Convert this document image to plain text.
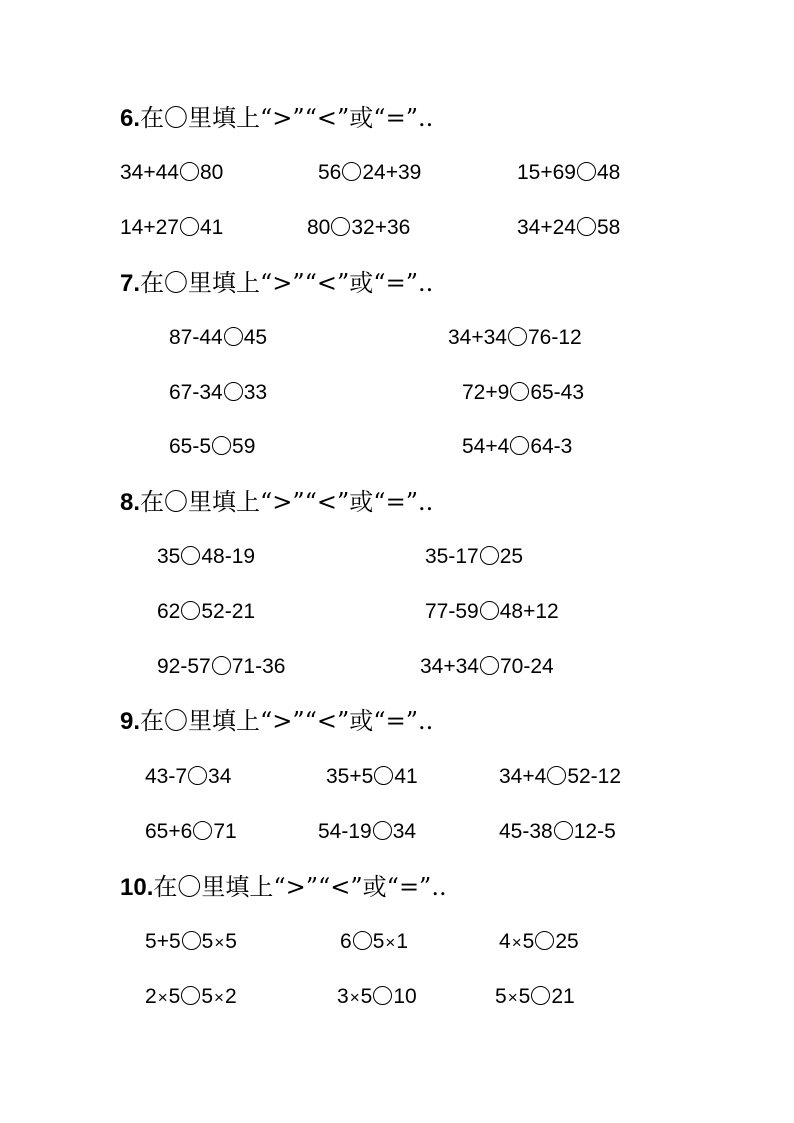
6.在〇里填上“>”“<”或“=”..
34+44 80	56 24+39	15+69 48
14+27 41	80 32+36	34+24 58
7.在〇里填上“>”“<”或“=”..
87-44 45	34+34 76-12
67-34 33	72+9 65-43
65-5 59	54+4 64-3
8.在〇里填上“>”“<”或“=”..
35 48-19	35-17 25
62 52-21	77-59 48+12
92-57 71-36	34+34 70-24
9.在〇里填上“>”“<”或“=”..
43-7 34	35+5 41	34+4 52-12
65+6 71	54-19 34	45-38 12-5
10.在〇里填上“>”“<”或“=”..
5+5 5×5	6 5×1	4×5 25
2×5 5×2	3×5 10	5×5 21
